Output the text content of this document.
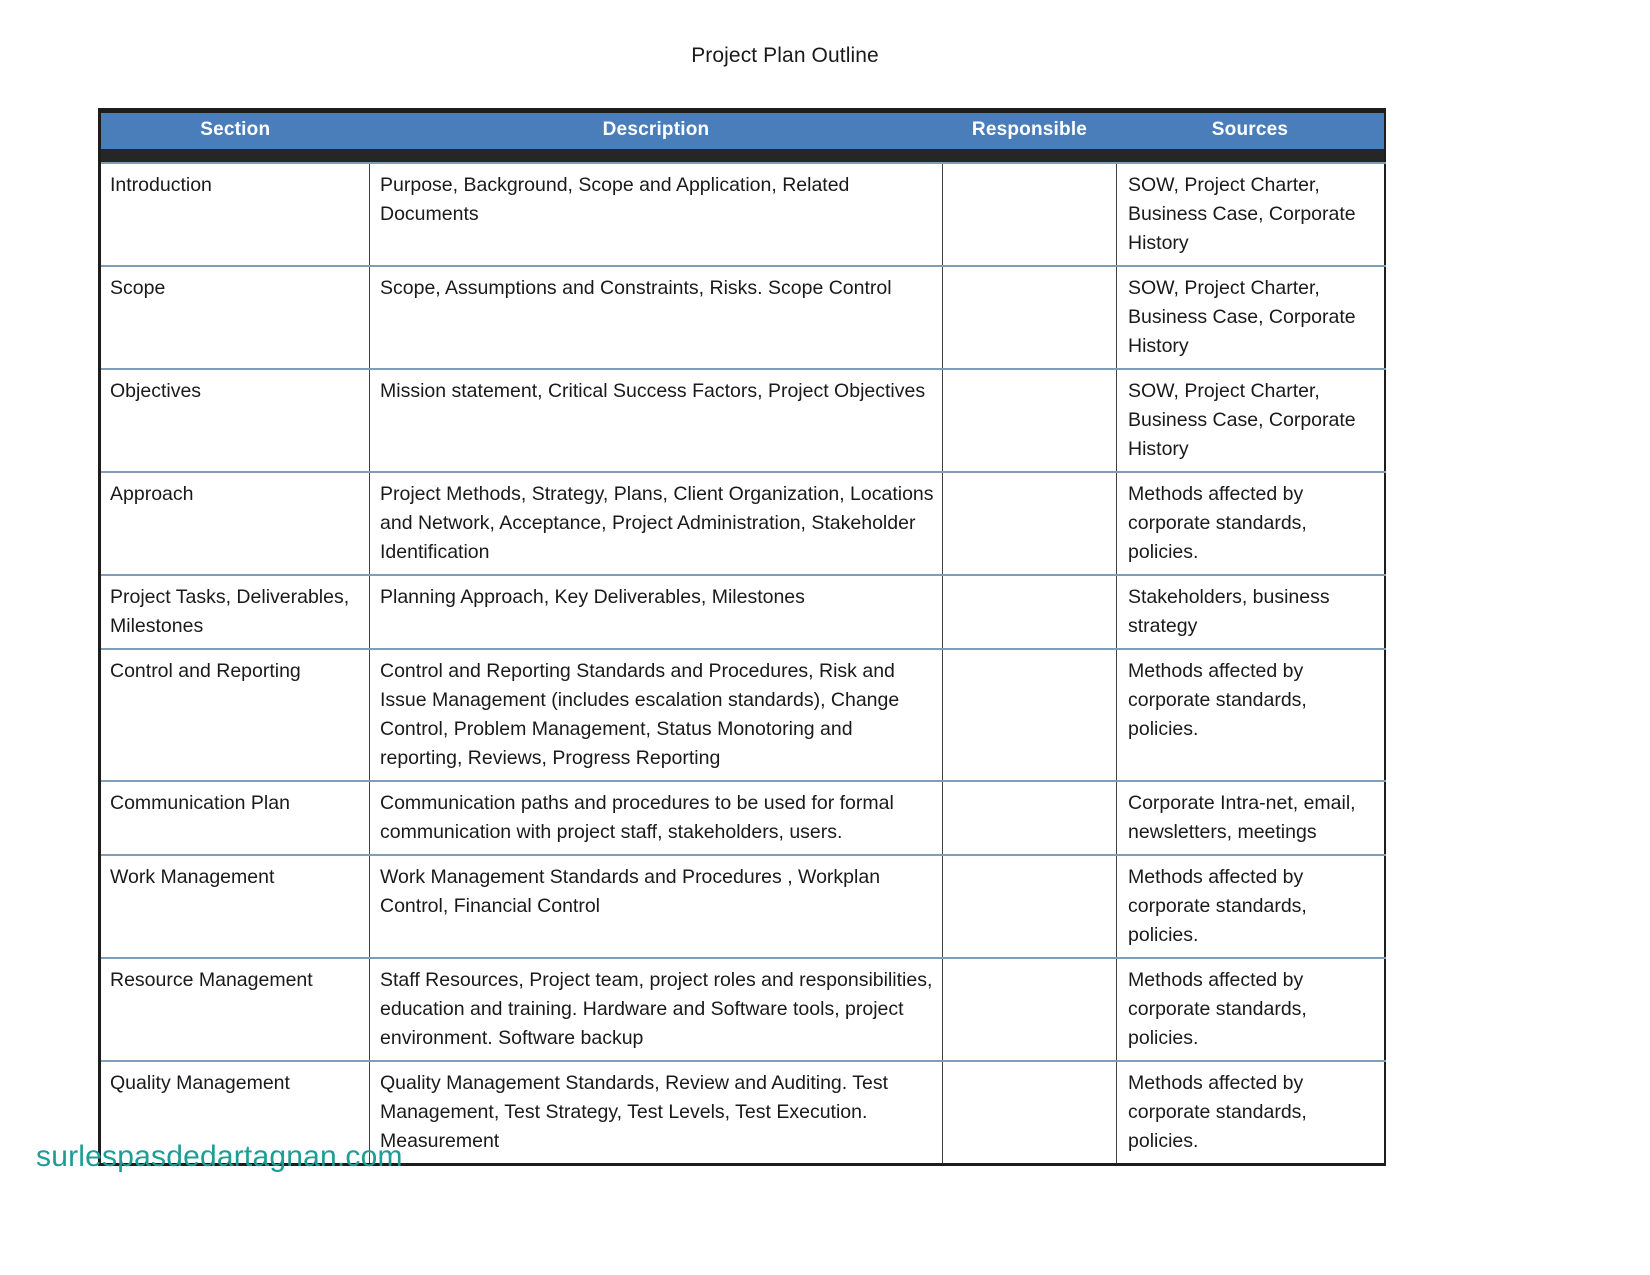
Project Plan Outline
Section	Description	Responsible	Sources

Introduction	Purpose, Background, Scope and Application, Related Documents		SOW, Project Charter, Business Case, Corporate History
Scope	Scope, Assumptions and Constraints, Risks. Scope Control		SOW, Project Charter, Business Case, Corporate History
Objectives	Mission statement, Critical Success Factors, Project Objectives		SOW, Project Charter, Business Case, Corporate History
Approach	Project Methods, Strategy, Plans, Client Organization, Locations and Network, Acceptance, Project Administration, Stakeholder Identification		Methods affected by corporate standards, policies.
Project Tasks, Deliverables, Milestones	Planning Approach, Key Deliverables, Milestones		Stakeholders, business strategy
Control and Reporting	Control and Reporting Standards and Procedures, Risk and Issue Management (includes escalation standards), Change Control, Problem Management, Status Monotoring and reporting, Reviews, Progress Reporting		Methods affected by corporate standards, policies.
Communication Plan	Communication paths and procedures to be used for formal communication with project staff, stakeholders, users.		Corporate Intra-net, email, newsletters, meetings
Work Management	Work Management Standards and Procedures , Workplan Control, Financial Control		Methods affected by corporate standards, policies.
Resource Management	Staff Resources, Project team, project roles and responsibilities, education and training. Hardware and Software tools, project environment. Software backup		Methods affected by corporate standards, policies.
Quality Management	Quality Management Standards, Review and Auditing. Test Management, Test Strategy, Test Levels, Test Execution. Measurement		Methods affected by corporate standards, policies.
surlespasdedartagnan.com
